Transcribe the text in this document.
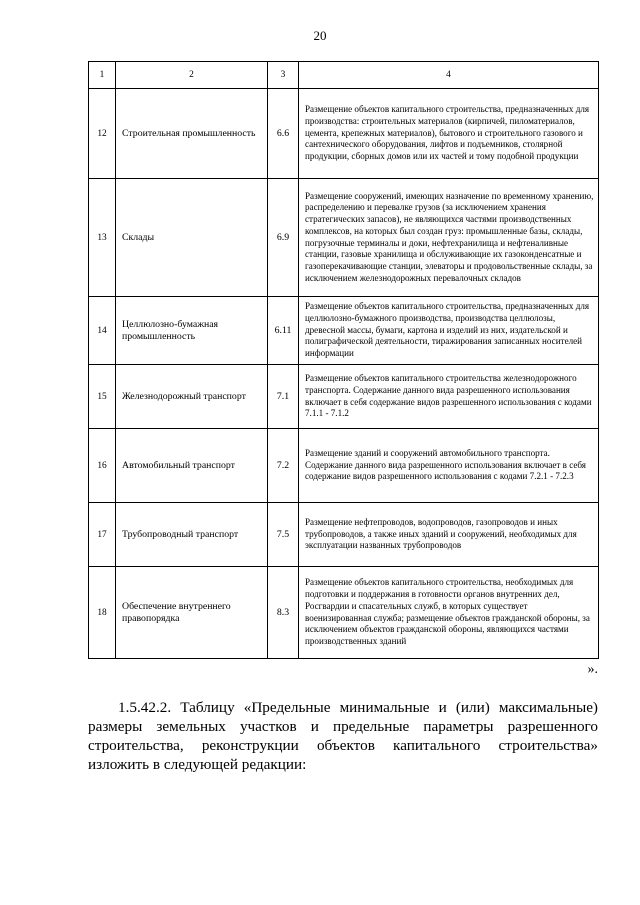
20
1	2	3	4
12	Строительная промышленность	6.6	Размещение объектов капитального строительства, предназначенных для производства: строительных материалов (кирпичей, пиломатериалов, цемента, крепежных материалов), бытового и строительного газового и сантехнического оборудования, лифтов и подъемников, столярной продукции, сборных домов или их частей и тому подобной продукции
13	Склады	6.9	Размещение сооружений, имеющих назначение по временному хранению, распределению и перевалке грузов (за исключением хранения стратегических запасов), не являющихся частями производственных комплексов, на которых был создан груз: промышленные базы, склады, погрузочные терминалы и доки, нефтехранилища и нефтеналивные станции, газовые хранилища и обслуживающие их газоконденсатные и газоперекачивающие станции, элеваторы и продовольственные склады, за исключением железнодорожных перевалочных складов
14	Целлюлозно-бумажная промышленность	6.11	Размещение объектов капитального строительства, предназначенных для целлюлозно-бумажного производства, производства целлюлозы, древесной массы, бумаги, картона и изделий из них, издательской и полиграфической деятельности, тиражирования записанных носителей информации
15	Железнодорожный транспорт	7.1	Размещение объектов капитального строительства железнодорожного транспорта. Содержание данного вида разрешенного использования включает в себя содержание видов разрешенного использования с кодами 7.1.1 - 7.1.2
16	Автомобильный транспорт	7.2	Размещение зданий и сооружений автомобильного транспорта. Содержание данного вида разрешенного использования включает в себя содержание видов разрешенного использования с кодами 7.2.1 - 7.2.3
17	Трубопроводный транспорт	7.5	Размещение нефтепроводов, водопроводов, газопроводов и иных трубопроводов, а также иных зданий и сооружений, необходимых для эксплуатации названных трубопроводов
18	Обеспечение внутреннего правопорядка	8.3	Размещение объектов капитального строительства, необходимых для подготовки и поддержания в готовности органов внутренних дел, Росгвардии и спасательных служб, в которых существует военизированная служба; размещение объектов гражданской обороны, за исключением объектов гражданской обороны, являющихся частями производственных зданий
».

1.5.42.2. Таблицу «Предельные минимальные и (или) максимальные) размеры земельных участков и предельные параметры разрешенного строительства, реконструкции объектов капитального строительства» изложить в следующей редакции:
